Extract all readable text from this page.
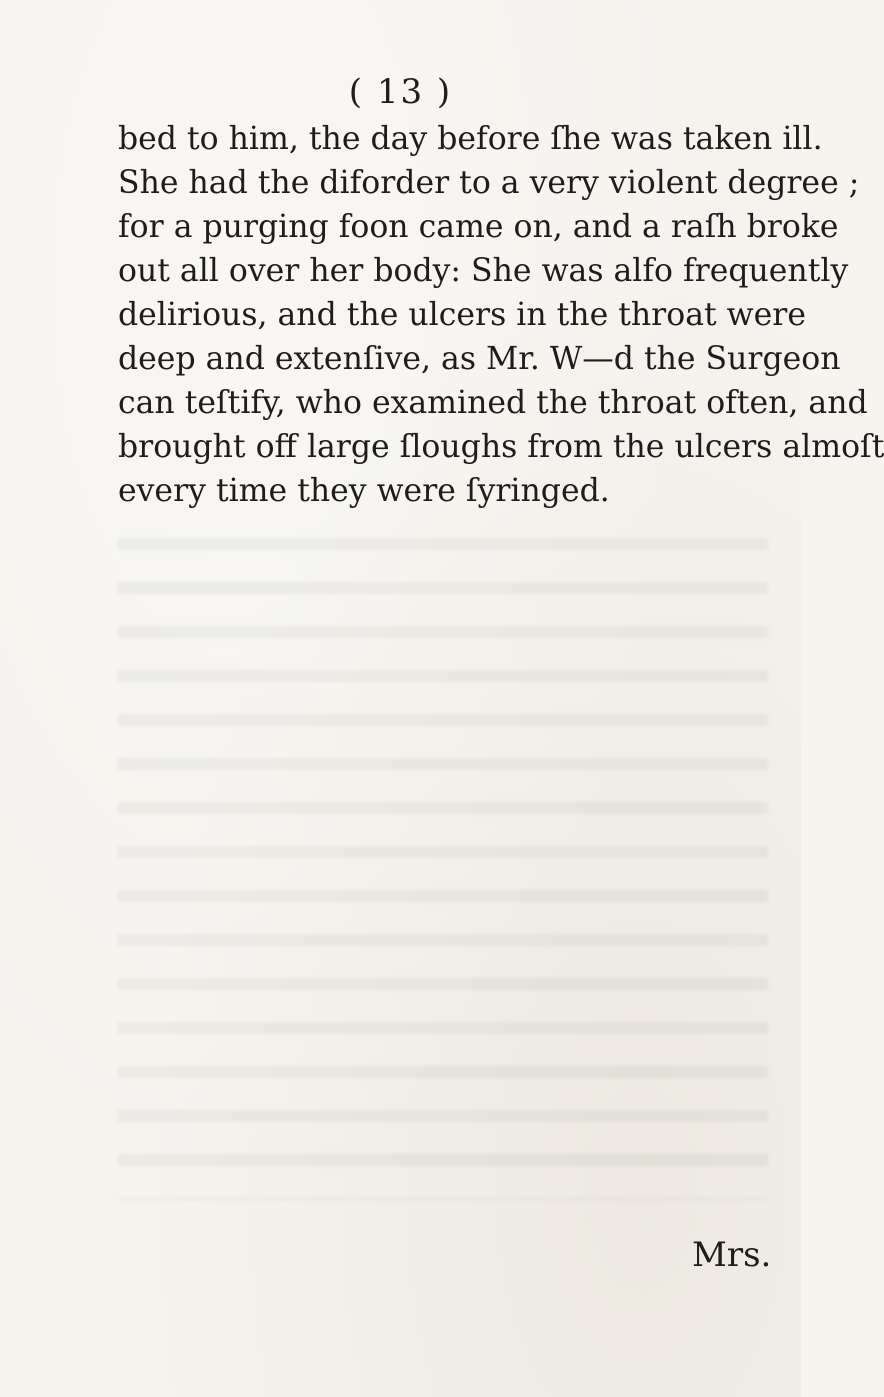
( 13 )
bed to him, the day before ſhe was taken ill.
She had the diforder to a very violent degree ;
for a purging foon came on, and a raſh broke
out all over her body: She was alfo frequently
delirious, and the ulcers in the throat were
deep and extenſive, as Mr. W—d the Surgeon
can teſtify, who examined the throat often, and
brought off large ſloughs from the ulcers almoſt
every time they were ſyringed.
Mrs.
